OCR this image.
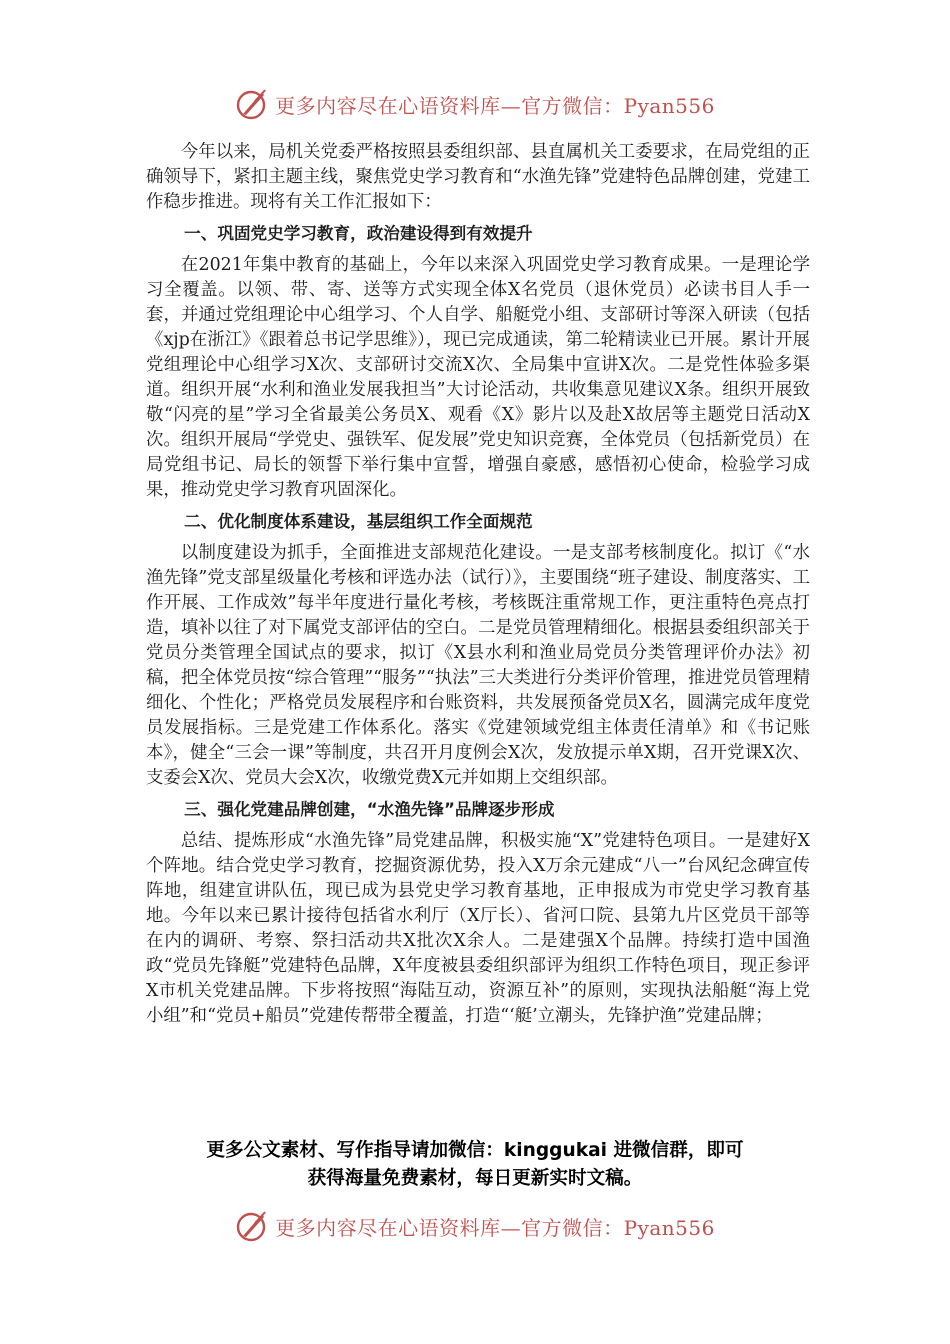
更多内容尽在心语资料库—官方微信：Pyan556

今年以来，局机关党委严格按照县委组织部、县直属机关工委要求，在局党组的正确领导下，紧扣主题主线，聚焦党史学习教育和“水渔先锋”党建特色品牌创建，党建工作稳步推进。现将有关工作汇报如下：

一、巩固党史学习教育，政治建设得到有效提升

在2021年集中教育的基础上，今年以来深入巩固党史学习教育成果。一是理论学习全覆盖。以领、带、寄、送等方式实现全体X名党员（退休党员）必读书目人手一套，并通过党组理论中心组学习、个人自学、船艇党小组、支部研讨等深入研读（包括《xjp在浙江》《跟着总书记学思维》），现已完成通读，第二轮精读业已开展。累计开展党组理论中心组学习X次、支部研讨交流X次、全局集中宣讲X次。二是党性体验多渠道。组织开展“水利和渔业发展我担当”大讨论活动，共收集意见建议X条。组织开展致敬“闪亮的星”学习全省最美公务员X、观看《X》影片以及赴X故居等主题党日活动X次。组织开展局“学党史、强铁军、促发展”党史知识竞赛，全体党员（包括新党员）在局党组书记、局长的领誓下举行集中宣誓，增强自豪感，感悟初心使命，检验学习成果，推动党史学习教育巩固深化。

二、优化制度体系建设，基层组织工作全面规范

以制度建设为抓手，全面推进支部规范化建设。一是支部考核制度化。拟订《“水渔先锋”党支部星级量化考核和评选办法（试行）》，主要围绕“班子建设、制度落实、工作开展、工作成效”每半年度进行量化考核，考核既注重常规工作，更注重特色亮点打造，填补以往了对下属党支部评估的空白。二是党员管理精细化。根据县委组织部关于党员分类管理全国试点的要求，拟订《X县水利和渔业局党员分类管理评价办法》初稿，把全体党员按“综合管理”“服务”“执法”三大类进行分类评价管理，推进党员管理精细化、个性化；严格党员发展程序和台账资料，共发展预备党员X名，圆满完成年度党员发展指标。三是党建工作体系化。落实《党建领域党组主体责任清单》和《书记账本》，健全“三会一课”等制度，共召开月度例会X次，发放提示单X期，召开党课X次、支委会X次、党员大会X次，收缴党费X元并如期上交组织部。

三、强化党建品牌创建，“水渔先锋”品牌逐步形成

总结、提炼形成“水渔先锋”局党建品牌，积极实施“X”党建特色项目。一是建好X个阵地。结合党史学习教育，挖掘资源优势，投入X万余元建成“八一”台风纪念碑宣传阵地，组建宣讲队伍，现已成为县党史学习教育基地，正申报成为市党史学习教育基地。今年以来已累计接待包括省水利厅（X厅长）、省河口院、县第九片区党员干部等在内的调研、考察、祭扫活动共X批次X余人。二是建强X个品牌。持续打造中国渔政“党员先锋艇”党建特色品牌，X年度被县委组织部评为组织工作特色项目，现正参评X市机关党建品牌。下步将按照“海陆互动，资源互补”的原则，实现执法船艇“海上党小组”和“党员+船员”党建传帮带全覆盖，打造“‘艇’立潮头，先锋护渔”党建品牌；

更多公文素材、写作指导请加微信：kinggukai 进微信群，即可
获得海量免费素材，每日更新实时文稿。
更多内容尽在心语资料库—官方微信：Pyan556
